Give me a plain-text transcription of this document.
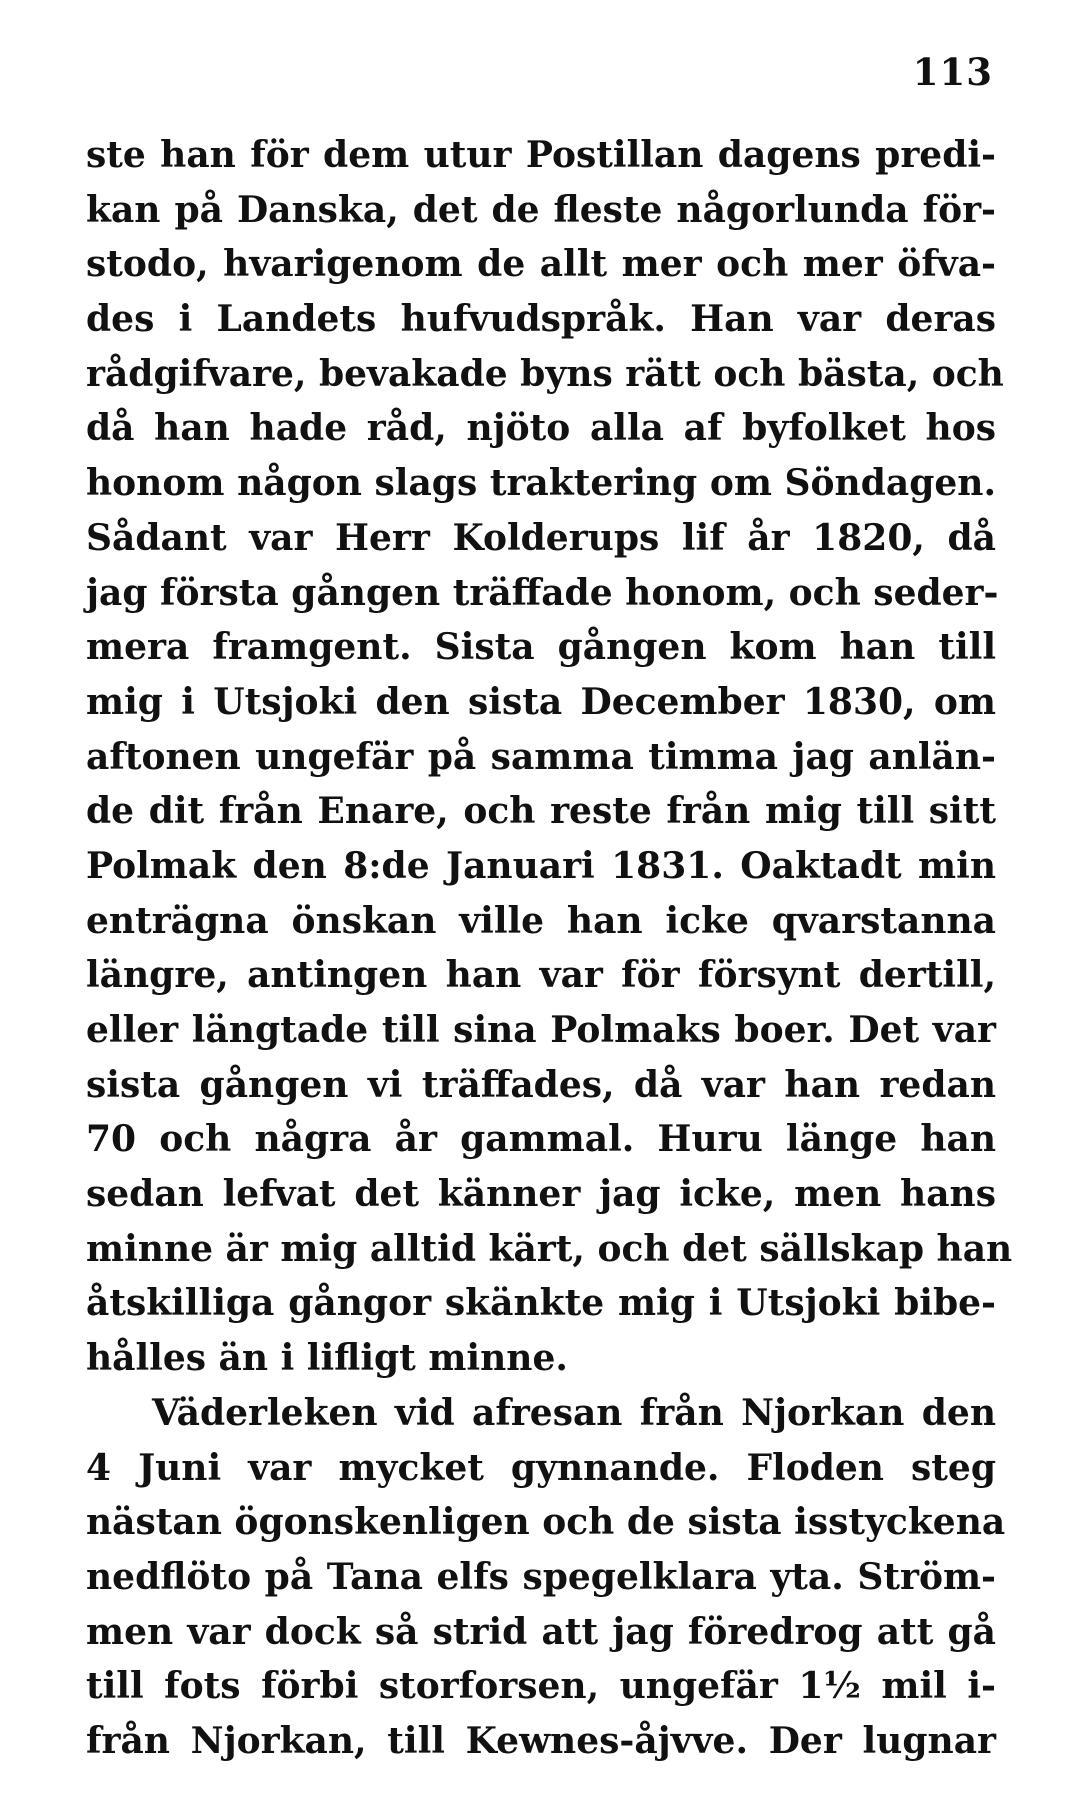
113
ste han för dem utur Postillan dagens predi-
kan på Danska, det de fleste någorlunda för-
stodo, hvarigenom de allt mer och mer öfva-
des i Landets hufvudspråk. Han var deras
rådgifvare, bevakade byns rätt och bästa, och
då han hade råd, njöto alla af byfolket hos
honom någon slags traktering om Söndagen.
Sådant var Herr Kolderups lif år 1820, då
jag första gången träffade honom, och seder-
mera framgent. Sista gången kom han till
mig i Utsjoki den sista December 1830, om
aftonen ungefär på samma timma jag anlän-
de dit från Enare, och reste från mig till sitt
Polmak den 8:de Januari 1831. Oaktadt min
enträgna önskan ville han icke qvarstanna
längre, antingen han var för försynt dertill,
eller längtade till sina Polmaks boer. Det var
sista gången vi träffades, då var han redan
70 och några år gammal. Huru länge han
sedan lefvat det känner jag icke, men hans
minne är mig alltid kärt, och det sällskap han
åtskilliga gångor skänkte mig i Utsjoki bibe-
hålles än i lifligt minne.
Väderleken vid afresan från Njorkan den
4 Juni var mycket gynnande. Floden steg
nästan ögonskenligen och de sista isstyckena
nedflöto på Tana elfs spegelklara yta. Ström-
men var dock så strid att jag föredrog att gå
till fots förbi storforsen, ungefär 1½ mil i-
från Njorkan, till Kewnes-åjvve. Der lugnar
